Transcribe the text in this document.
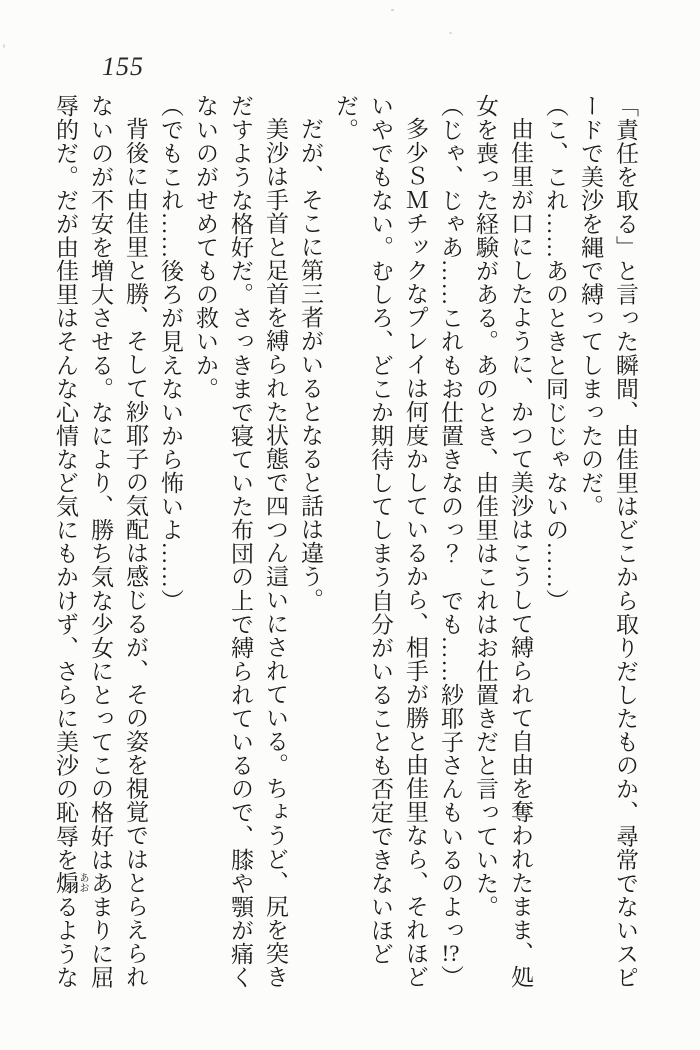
155

「責任を取る」と言った瞬間、由佳里はどこから取りだしたものか、尋常でないスピードで美沙を縄で縛ってしまったのだ。

（こ、これ……あのときと同じじゃないの……）

由佳里が口にしたように、かつて美沙はこうして縛られて自由を奪われたまま、処女を喪った経験がある。あのとき、由佳里はこれはお仕置きだと言っていた。

（じゃ、じゃあ……これもお仕置きなのっ？　でも……紗耶子さんもいるのよっ!?）

多少ＳＭチックなプレイは何度かしているから、相手が勝と由佳里なら、それほどいやでもない。むしろ、どこか期待してしまう自分がいることも否定できないほどだ。

だが、そこに第三者がいるとなると話は違う。

美沙は手首と足首を縛られた状態で四つん這いにされている。ちょうど、尻を突きだすような格好だ。さっきまで寝ていた布団の上で縛られているので、膝や顎が痛くないのがせめてもの救いか。

（でもこれ……後ろが見えないから怖いよ……）

背後に由佳里と勝、そして紗耶子の気配は感じるが、その姿を視覚ではとらえられないのが不安を増大させる。なにより、勝ち気な少女にとってこの格好はあまりに屈辱的だ。だが由佳里はそんな心情など気にもかけず、さらに美沙の恥辱を煽 あおるような
